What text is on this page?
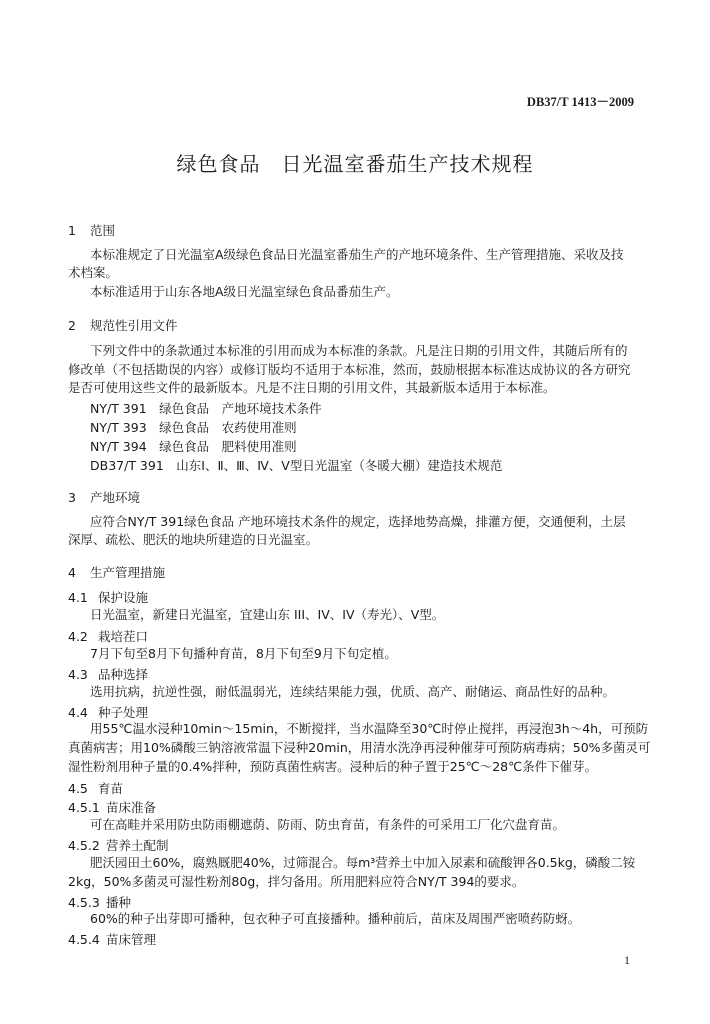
DB37/T 1413－2009
绿色食品　日光温室番茄生产技术规程
1 范围
本标准规定了日光温室A级绿色食品日光温室番茄生产的产地环境条件、生产管理措施、采收及技
术档案。
本标准适用于山东各地A级日光温室绿色食品番茄生产。
2 规范性引用文件
下列文件中的条款通过本标准的引用而成为本标准的条款。凡是注日期的引用文件，其随后所有的
修改单（不包括勘误的内容）或修订版均不适用于本标准，然而，鼓励根据本标准达成协议的各方研究
是否可使用这些文件的最新版本。凡是不注日期的引用文件，其最新版本适用于本标准。
NY/T 391　绿色食品　产地环境技术条件
NY/T 393　绿色食品　农药使用准则
NY/T 394　绿色食品　肥料使用准则
DB37/T 391　山东Ⅰ、Ⅱ、Ⅲ、Ⅳ、Ⅴ型日光温室（冬暖大棚）建造技术规范
3 产地环境
应符合NY/T 391绿色食品 产地环境技术条件的规定，选择地势高燥，排灌方便，交通便利，土层
深厚、疏松、肥沃的地块所建造的日光温室。
4 生产管理措施
4.1 保护设施
日光温室，新建日光温室，宜建山东 III、IV、IV（寿光）、V型。
4.2 栽培茬口
7月下旬至8月下旬播种育苗，8月下旬至9月下旬定植。
4.3 品种选择
选用抗病，抗逆性强，耐低温弱光，连续结果能力强，优质、高产、耐储运、商品性好的品种。
4.4 种子处理
用55℃温水浸种10min～15min，不断搅拌，当水温降至30℃时停止搅拌，再浸泡3h～4h，可预防
真菌病害；用10%磷酸三钠溶液常温下浸种20min，用清水洗净再浸种催芽可预防病毒病；50%多菌灵可
湿性粉剂用种子量的0.4%拌种，预防真菌性病害。浸种后的种子置于25℃～28℃条件下催芽。
4.5 育苗
4.5.1 苗床准备
可在高畦并采用防虫防雨棚遮荫、防雨、防虫育苗，有条件的可采用工厂化穴盘育苗。
4.5.2 营养土配制
肥沃园田土60%，腐熟厩肥40%，过筛混合。每m³营养土中加入尿素和硫酸钾各0.5kg，磷酸二铵
2kg，50%多菌灵可湿性粉剂80g，拌匀备用。所用肥料应符合NY/T 394的要求。
4.5.3 播种
60%的种子出芽即可播种，包衣种子可直接播种。播种前后，苗床及周围严密喷药防蚜。
4.5.4 苗床管理
1
